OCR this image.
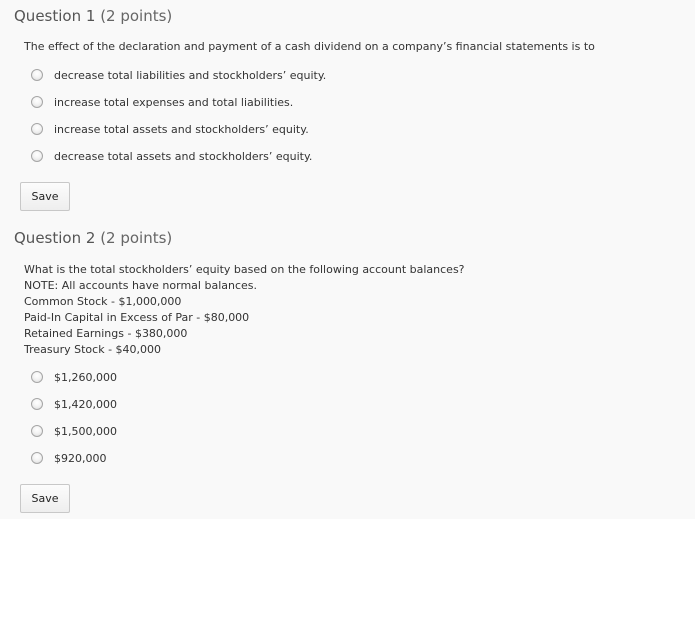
Question 1 (2 points)
The effect of the declaration and payment of a cash dividend on a company’s financial statements is to
decrease total liabilities and stockholders’ equity.
increase total expenses and total liabilities.
increase total assets and stockholders’ equity.
decrease total assets and stockholders’ equity.
Save
Question 2 (2 points)
What is the total stockholders’ equity based on the following account balances?
NOTE: All accounts have normal balances.
Common Stock - $1,000,000
Paid-In Capital in Excess of Par - $80,000
Retained Earnings - $380,000
Treasury Stock - $40,000
$1,260,000
$1,420,000
$1,500,000
$920,000
Save
